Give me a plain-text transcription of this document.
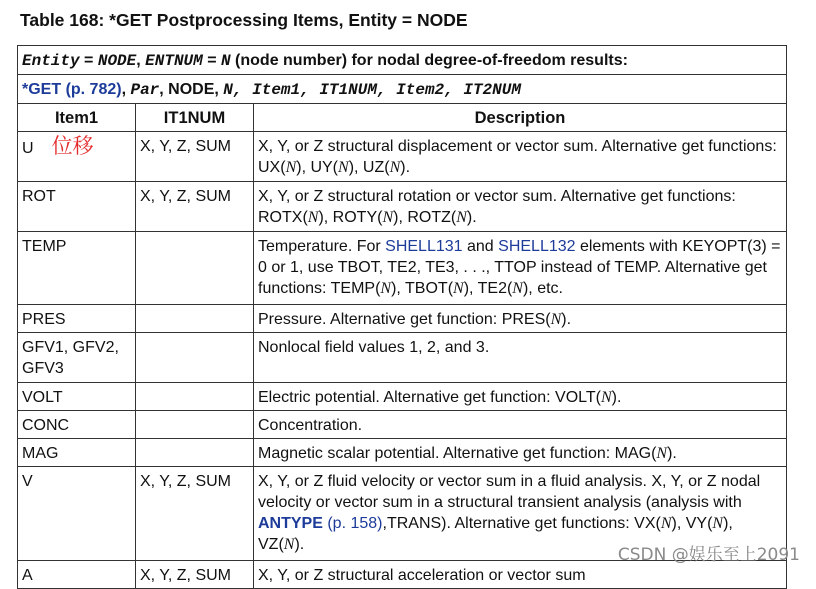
Table 168: *GET Postprocessing Items, Entity = NODE
Entity = NODE, ENTNUM = N (node number) for nodal degree-of-freedom results:		
*GET (p. 782), Par, NODE, N, Item1, IT1NUM, Item2, IT2NUM		
Item1	IT1NUM	Description
U 位移	X, Y, Z, SUM	X, Y, or Z structural displacement or vector sum. Alternative get functions: UX(N), UY(N), UZ(N).
ROT	X, Y, Z, SUM	X, Y, or Z structural rotation or vector sum. Alternative get functions: ROTX(N), ROTY(N), ROTZ(N).
TEMP		Temperature. For SHELL131 and SHELL132 elements with KEYOPT(3) = 0 or 1, use TBOT, TE2, TE3, . . ., TTOP instead of TEMP. Alternative get functions: TEMP(N), TBOT(N), TE2(N), etc.
PRES		Pressure. Alternative get function: PRES(N).
GFV1, GFV2, GFV3		Nonlocal field values 1, 2, and 3.
VOLT		Electric potential. Alternative get function: VOLT(N).
CONC		Concentration.
MAG		Magnetic scalar potential. Alternative get function: MAG(N).
V	X, Y, Z, SUM	X, Y, or Z fluid velocity or vector sum in a fluid analysis. X, Y, or Z nodal velocity or vector sum in a structural transient analysis (analysis with ANTYPE (p. 158),TRANS). Alternative get functions: VX(N), VY(N), VZ(N).
A	X, Y, Z, SUM	X, Y, or Z structural acceleration or vector sum
CSDN @娱乐至上2091
